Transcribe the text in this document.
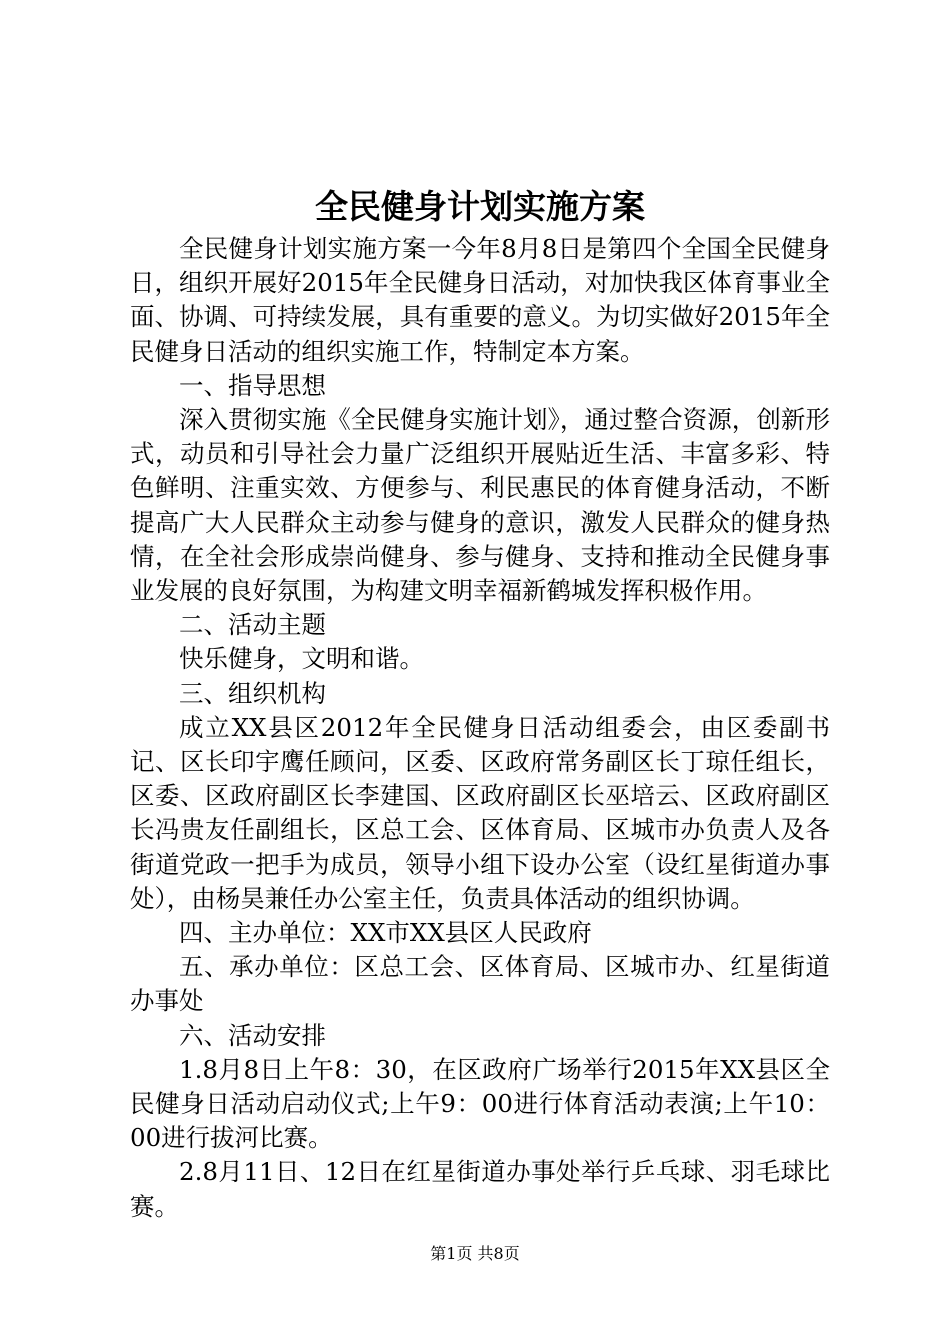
全民健身计划实施方案

全民健身计划实施方案一今年8月8日是第四个全国全民健身日，组织开展好2015年全民健身日活动，对加快我区体育事业全面、协调、可持续发展，具有重要的意义。为切实做好2015年全民健身日活动的组织实施工作，特制定本方案。

一、指导思想

深入贯彻实施《全民健身实施计划》，通过整合资源，创新形式，动员和引导社会力量广泛组织开展贴近生活、丰富多彩、特色鲜明、注重实效、方便参与、利民惠民的体育健身活动，不断提高广大人民群众主动参与健身的意识，激发人民群众的健身热情，在全社会形成崇尚健身、参与健身、支持和推动全民健身事业发展的良好氛围，为构建文明幸福新鹤城发挥积极作用。

二、活动主题

快乐健身，文明和谐。

三、组织机构

成立XX县区2012年全民健身日活动组委会，由区委副书记、区长印宇鹰任顾问，区委、区政府常务副区长丁琼任组长，区委、区政府副区长李建国、区政府副区长巫培云、区政府副区长冯贵友任副组长，区总工会、区体育局、区城市办负责人及各街道党政一把手为成员，领导小组下设办公室（设红星街道办事处），由杨昊兼任办公室主任，负责具体活动的组织协调。

四、主办单位：XX市XX县区人民政府

五、承办单位：区总工会、区体育局、区城市办、红星街道办事处

六、活动安排

1.8月8日上午8：30，在区政府广场举行2015年XX县区全民健身日活动启动仪式;上午9：00进行体育活动表演;上午10：00进行拔河比赛。

2.8月11日、12日在红星街道办事处举行乒乓球、羽毛球比赛。

第1页 共8页
